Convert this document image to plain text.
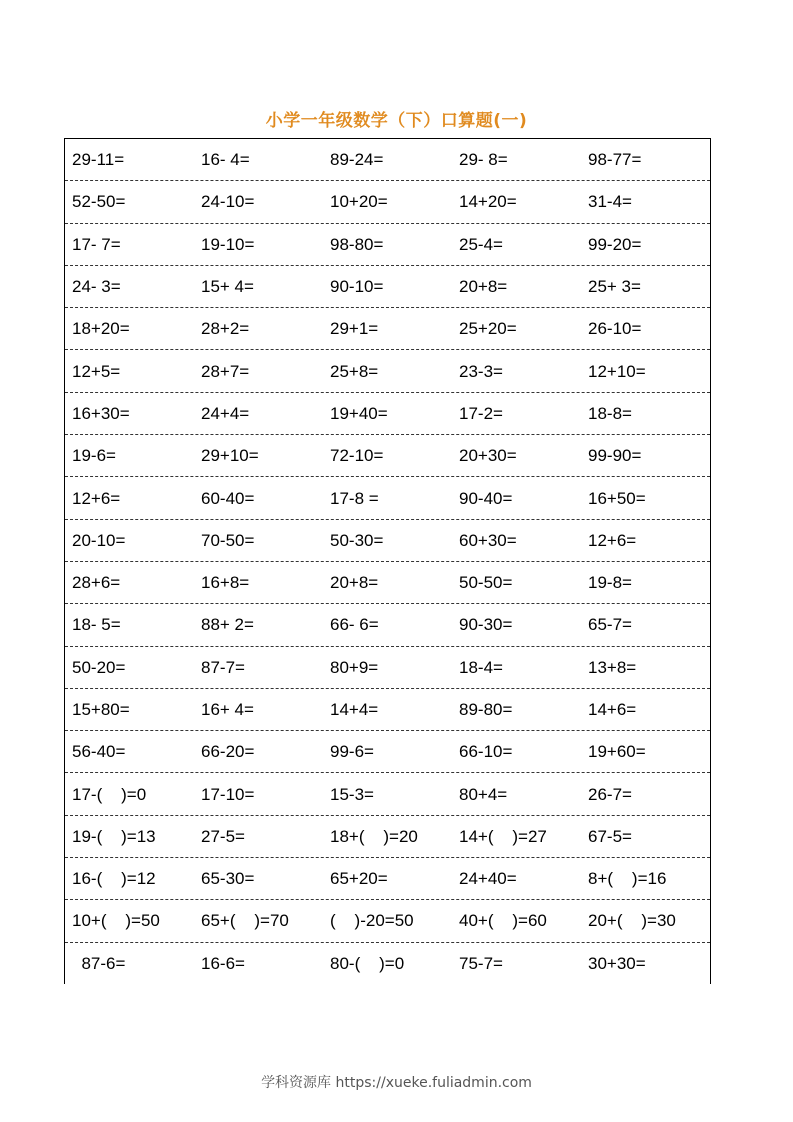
小学一年级数学（下）口算题(一)
29-11=	16- 4=	89-24=	29- 8=	98-77=
52-50=	24-10=	10+20=	14+20=	31-4=
17- 7=	19-10=	98-80=	25-4=	99-20=
24- 3=	15+ 4=	90-10=	20+8=	25+ 3=
18+20=	28+2=	29+1=	25+20=	26-10=
12+5=	28+7=	25+8=	23-3=	12+10=
16+30=	24+4=	19+40=	17-2=	18-8=
19-6=	29+10=	72-10=	20+30=	99-90=
12+6=	60-40=	17-8 =	90-40=	16+50=
20-10=	70-50=	50-30=	60+30=	12+6=
28+6=	16+8=	20+8=	50-50=	19-8=
18- 5=	88+ 2=	66- 6=	90-30=	65-7=
50-20=	87-7=	80+9=	18-4=	13+8=
15+80=	16+ 4=	14+4=	89-80=	14+6=
56-40=	66-20=	99-6=	66-10=	19+60=
17-(    )=0	17-10=	15-3=	80+4=	26-7=
19-(    )=13	27-5=	18+(    )=20	14+(    )=27	67-5=
16-(    )=12	65-30=	65+20=	24+40=	8+(    )=16
10+(    )=50	65+(    )=70	(    )-20=50	40+(    )=60	20+(    )=30
87-6=	16-6=	80-(    )=0	75-7=	30+30=
学科资源库 https://xueke.fuliadmin.com
